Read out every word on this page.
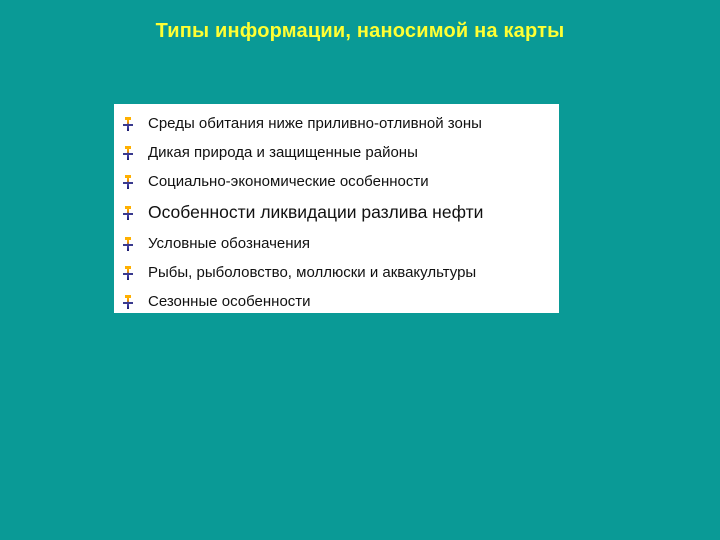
Типы информации, наносимой на карты
Среды обитания ниже приливно-отливной зоны
Дикая природа и защищенные районы
Социально-экономические особенности
Особенности ликвидации разлива нефти
Условные обозначения
Рыбы, рыболовство, моллюски и аквакультуры
Сезонные особенности
